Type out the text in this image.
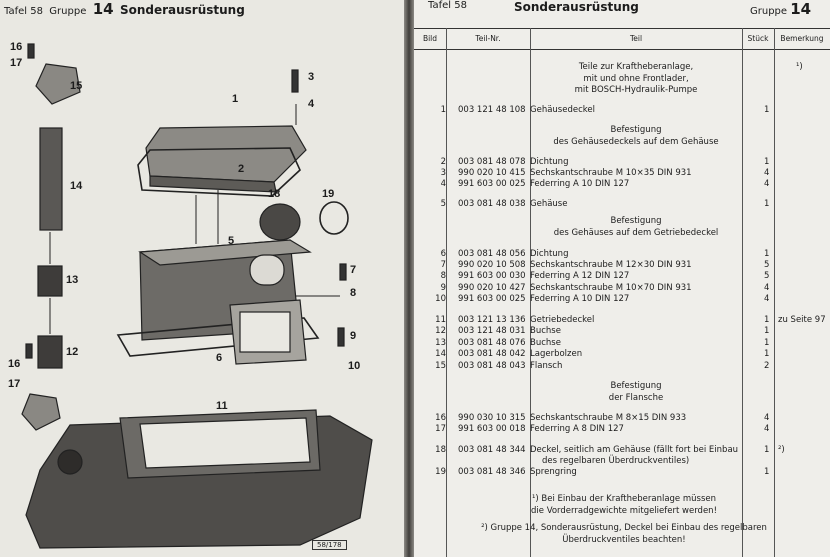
Tafel 58 Gruppe 14 Sonderausrüstung
1
2
3
4
5
6
7
8
9
10
11
12
13
14
15
16
17
18	19
16
17
58/178
Tafel 58	Sonderausrüstung	Gruppe 14
Bild	Teil-Nr.	Teil	Stück	Bemerkung
Teile zur Kraftheberanlage,
mit und ohne Frontlader,
mit BOSCH-Hydraulik-Pumpe
¹)
Befestigung
des Gehäusedeckels auf dem Gehäuse
Befestigung
des Gehäuses auf dem Getriebedeckel
Befestigung
der Flansche
1 003 121 48 108 Gehäusedeckel	1
2 003 081 48 078 Dichtung	1
3 990 020 10 415 Sechskantschraube M 10×35 DIN 931	4
4 991 603 00 025 Federring A 10 DIN 127	4
5 003 081 48 038 Gehäuse	1
6 003 081 48 056 Dichtung	1
7 990 020 10 508 Sechskantschraube M 12×30 DIN 931	5
8 991 603 00 030 Federring A 12 DIN 127	5
9 990 020 10 427 Sechskantschraube M 10×70 DIN 931	4
10 991 603 00 025 Federring A 10 DIN 127	4
11 003 121 13 136 Getriebedeckel	1 zu Seite 97
12 003 121 48 031 Buchse	1
13 003 081 48 076 Buchse	1
14 003 081 48 042 Lagerbolzen	1
15 003 081 48 043 Flansch	2
16 990 030 10 315 Sechskantschraube M 8×15 DIN 933	4
17 991 603 00 018 Federring A 8 DIN 127	4
18 003 081 48 344 Deckel, seitlich am Gehäuse (fällt fort bei Einbau	1 ²)
des regelbaren Überdruckventiles)
19 003 081 48 346 Sprengring	1
¹) Bei Einbau der Kraftheberanlage müssen
die Vorderradgewichte mitgeliefert werden!
²) Gruppe 14, Sonderausrüstung, Deckel bei Einbau des regelbaren
Überdruckventiles beachten!
